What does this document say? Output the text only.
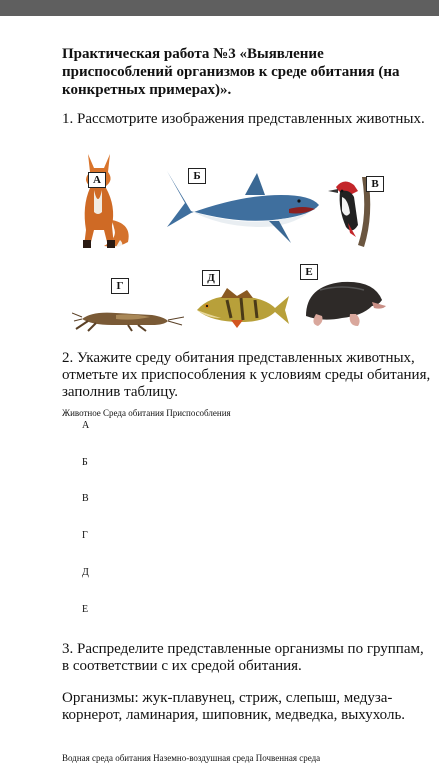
Практическая работа №3 «Выявление приспособлений организмов к среде обитания (на конкретных примерах)».
1. Рассмотрите изображения представленных животных.
А	Б
В
Г
Д	Е
2. Укажите среду обитания представленных животных, отметьте их приспособления к условиям среды обитания, заполнив таблицу.
Животное Среда обитания Приспособления
А
Б
В
Г
Д
Е
3. Распределите представленные организмы по группам, в соответствии с их средой обитания.
Организмы: жук-плавунец, стриж, слепыш, медуза-корнерот, ламинария, шиповник, медведка, выхухоль.
Водная среда обитания Наземно-воздушная среда Почвенная среда
